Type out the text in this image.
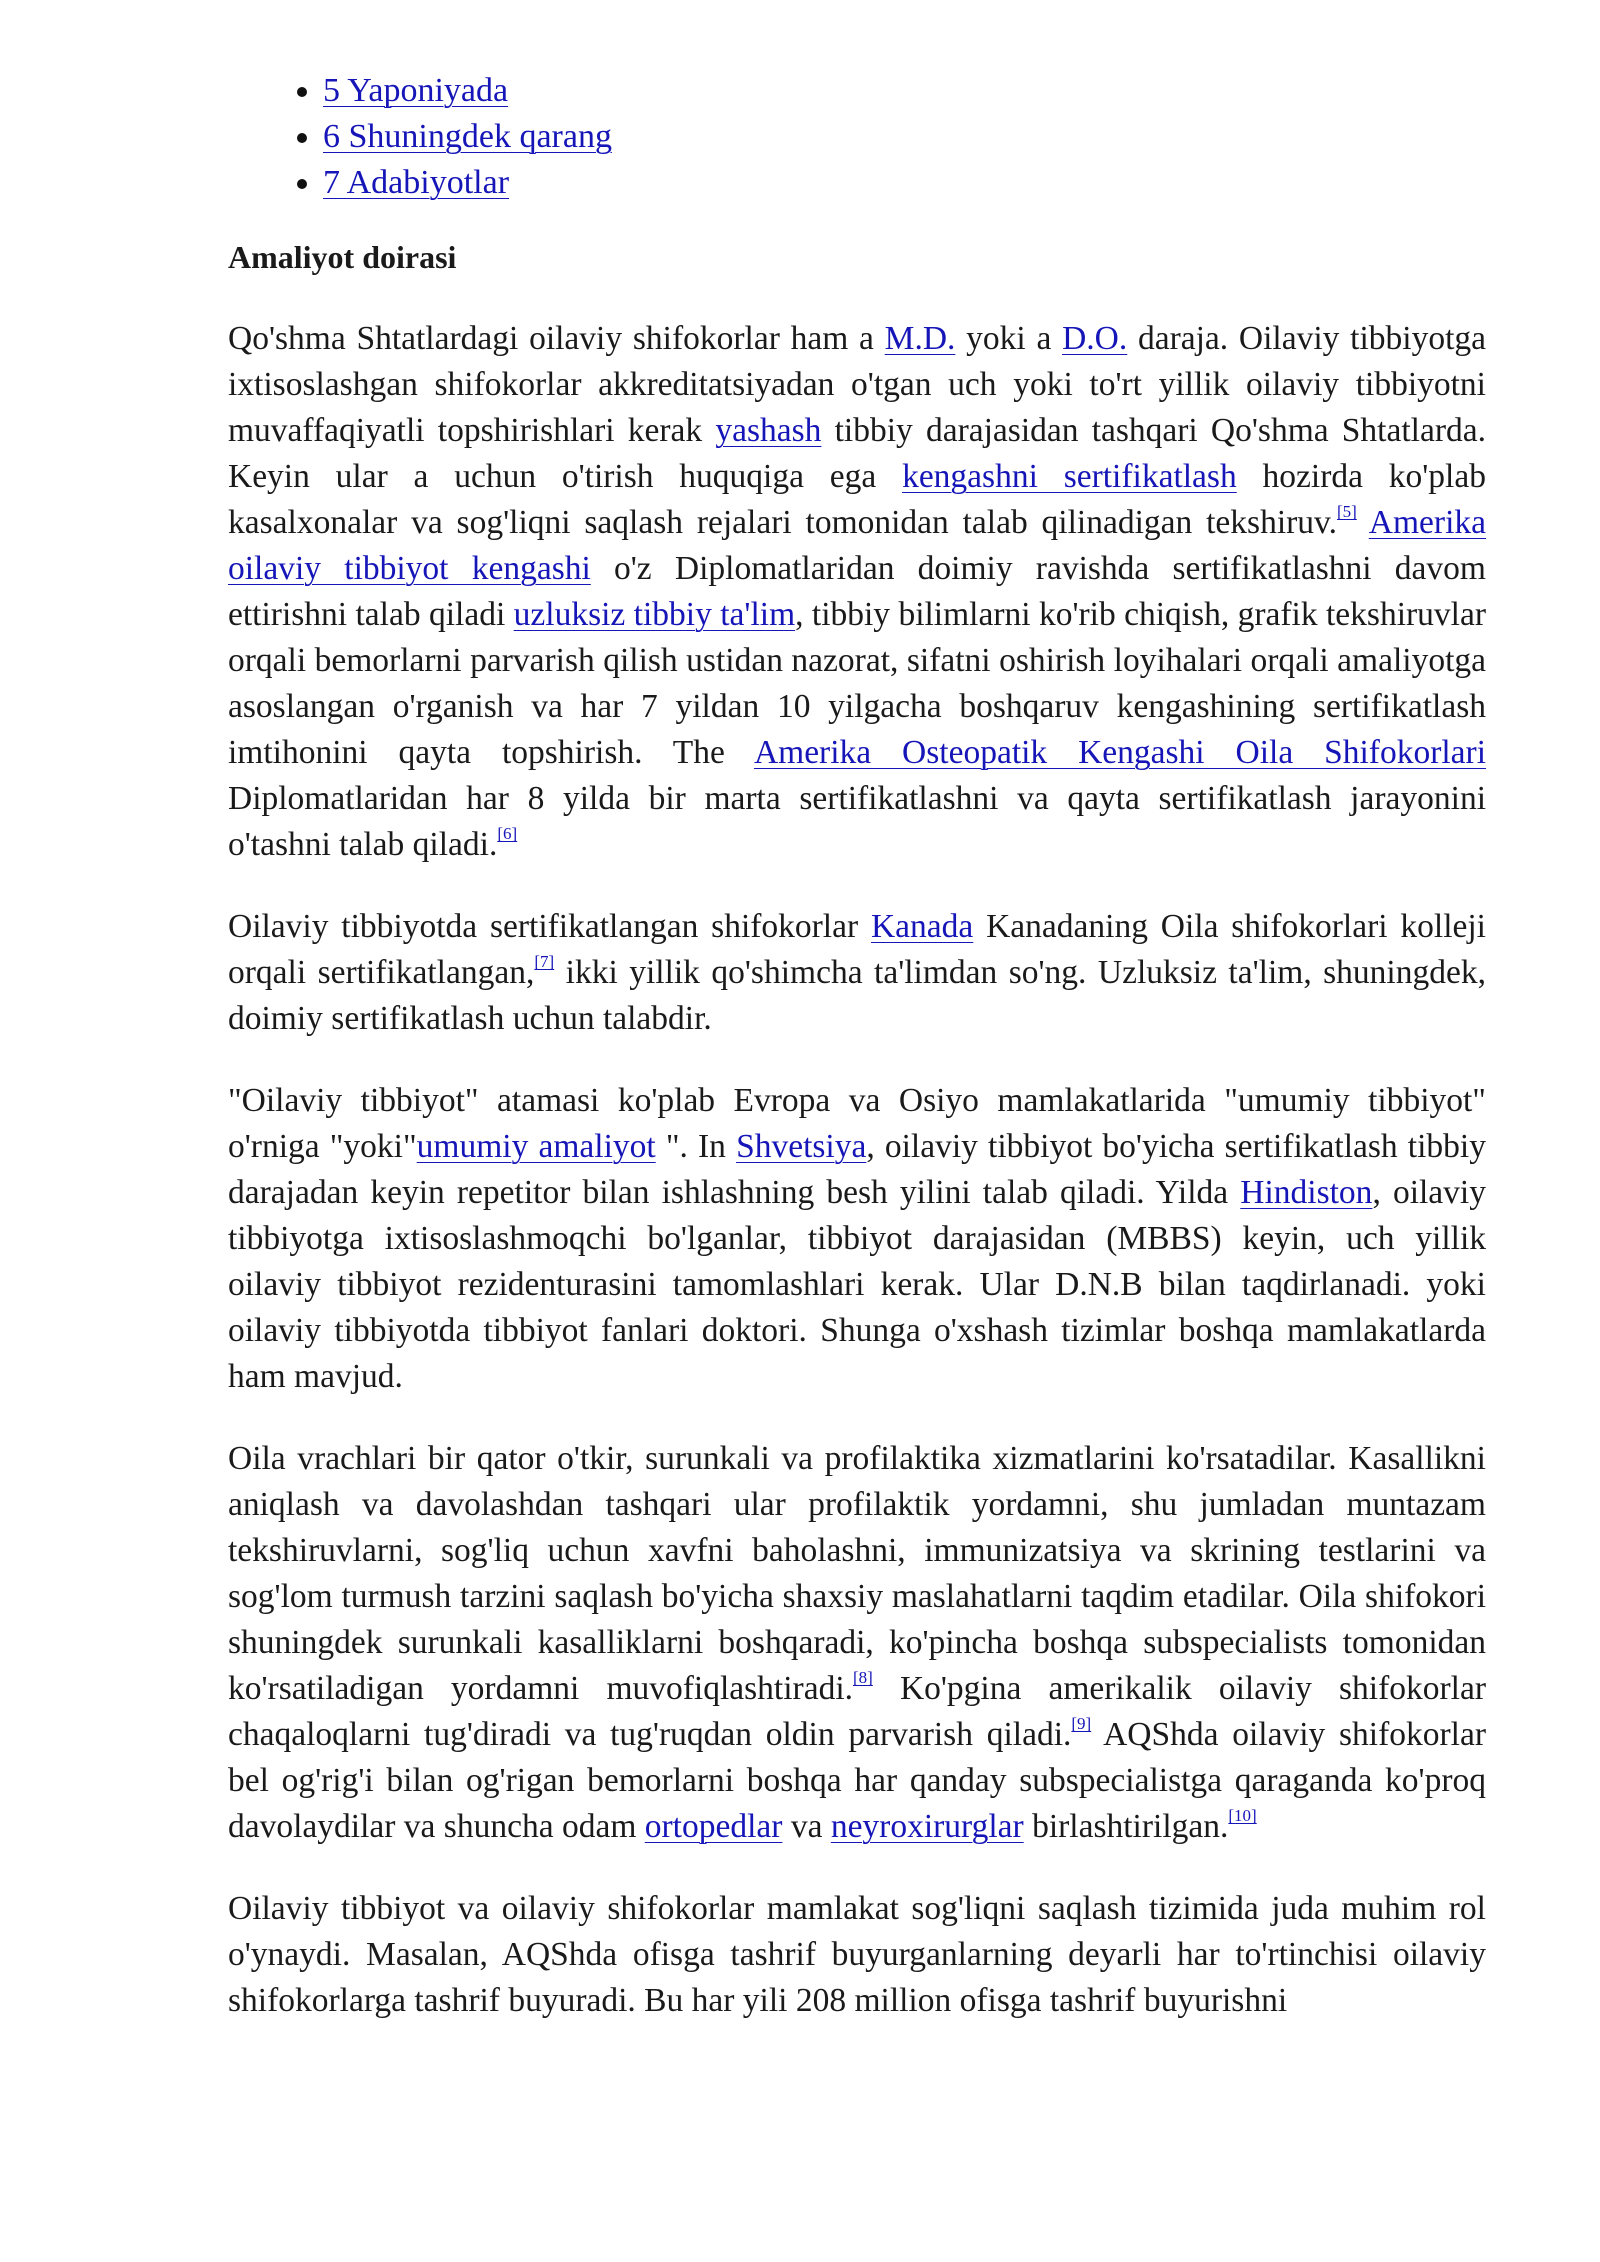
• 5 Yaponiyada
• 6 Shuningdek qarang
• 7 Adabiyotlar
Amaliyot doirasi

Qo'shma Shtatlardagi oilaviy shifokorlar ham a M.D. yoki a D.O. daraja. Oilaviy tibbiyotga ixtisoslashgan shifokorlar akkreditatsiyadan o'tgan uch yoki to'rt yillik oilaviy tibbiyotni muvaffaqiyatli topshirishlari kerak yashash tibbiy darajasidan tashqari Qo'shma Shtatlarda. Keyin ular a uchun o'tirish huquqiga ega kengashni sertifikatlash hozirda ko'plab kasalxonalar va sog'liqni saqlash rejalari tomonidan talab qilinadigan tekshiruv.[5] Amerika oilaviy tibbiyot kengashi o'z Diplomatlaridan doimiy ravishda sertifikatlashni davom ettirishni talab qiladi uzluksiz tibbiy ta'lim, tibbiy bilimlarni ko'rib chiqish, grafik tekshiruvlar orqali bemorlarni parvarish qilish ustidan nazorat, sifatni oshirish loyihalari orqali amaliyotga asoslangan o'rganish va har 7 yildan 10 yilgacha boshqaruv kengashining sertifikatlash imtihonini qayta topshirish. The Amerika Osteopatik Kengashi Oila Shifokorlari Diplomatlaridan har 8 yilda bir marta sertifikatlashni va qayta sertifikatlash jarayonini o'tashni talab qiladi.[6]

Oilaviy tibbiyotda sertifikatlangan shifokorlar Kanada Kanadaning Oila shifokorlari kolleji orqali sertifikatlangan,[7] ikki yillik qo'shimcha ta'limdan so'ng. Uzluksiz ta'lim, shuningdek, doimiy sertifikatlash uchun talabdir.

"Oilaviy tibbiyot" atamasi ko'plab Evropa va Osiyo mamlakatlarida "umumiy tibbiyot" o'rniga "yoki"umumiy amaliyot ". In Shvetsiya, oilaviy tibbiyot bo'yicha sertifikatlash tibbiy darajadan keyin repetitor bilan ishlashning besh yilini talab qiladi. Yilda Hindiston, oilaviy tibbiyotga ixtisoslashmoqchi bo'lganlar, tibbiyot darajasidan (MBBS) keyin, uch yillik oilaviy tibbiyot rezidenturasini tamomlashlari kerak. Ular D.N.B bilan taqdirlanadi. yoki oilaviy tibbiyotda tibbiyot fanlari doktori. Shunga o'xshash tizimlar boshqa mamlakatlarda ham mavjud.

Oila vrachlari bir qator o'tkir, surunkali va profilaktika xizmatlarini ko'rsatadilar. Kasallikni aniqlash va davolashdan tashqari ular profilaktik yordamni, shu jumladan muntazam tekshiruvlarni, sog'liq uchun xavfni baholashni, immunizatsiya va skrining testlarini va sog'lom turmush tarzini saqlash bo'yicha shaxsiy maslahatlarni taqdim etadilar. Oila shifokori shuningdek surunkali kasalliklarni boshqaradi, ko'pincha boshqa subspecialists tomonidan ko'rsatiladigan yordamni muvofiqlashtiradi.[8] Ko'pgina amerikalik oilaviy shifokorlar chaqaloqlarni tug'diradi va tug'ruqdan oldin parvarish qiladi.[9] AQShda oilaviy shifokorlar bel og'rig'i bilan og'rigan bemorlarni boshqa har qanday subspecialistga qaraganda ko'proq davolaydilar va shuncha odam ortopedlar va neyroxirurglar birlashtirilgan.[10]

Oilaviy tibbiyot va oilaviy shifokorlar mamlakat sog'liqni saqlash tizimida juda muhim rol o'ynaydi. Masalan, AQShda ofisga tashrif buyurganlarning deyarli har to'rtinchisi oilaviy shifokorlarga tashrif buyuradi. Bu har yili 208 million ofisga tashrif buyurishni
